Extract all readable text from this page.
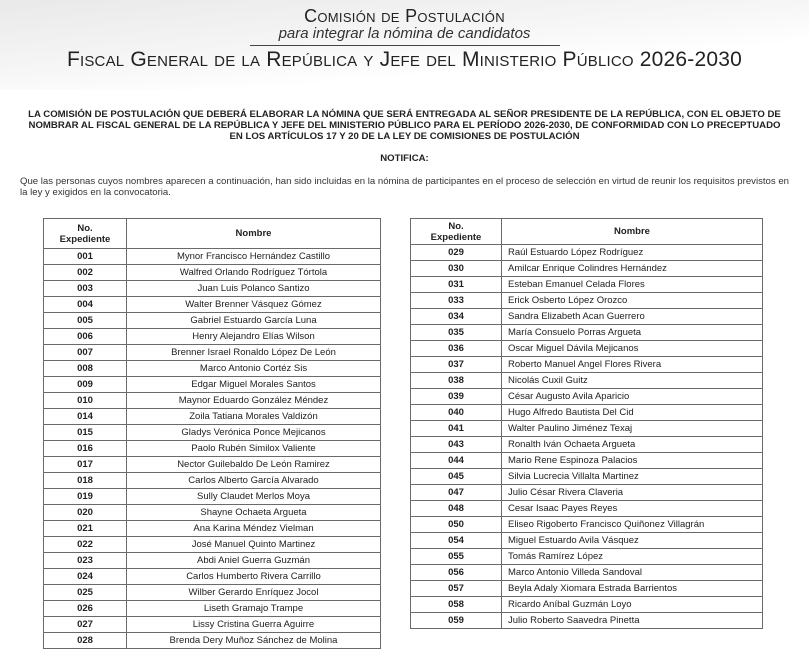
Comisión de Postulación
para integrar la nómina de candidatos
Fiscal General de la República y Jefe del Ministerio Público 2026-2030
LA COMISIÓN DE POSTULACIÓN QUE DEBERÁ ELABORAR LA NÓMINA QUE SERÁ ENTREGADA AL SEÑOR PRESIDENTE DE LA REPÚBLICA, CON EL OBJETO DE NOMBRAR AL FISCAL GENERAL DE LA REPÚBLICA Y JEFE DEL MINISTERIO PÚBLICO PARA EL PERÍODO 2026-2030, DE CONFORMIDAD CON LO PRECEPTUADO EN LOS ARTÍCULOS 17 Y 20 DE LA LEY DE COMISIONES DE POSTULACIÓN
NOTIFICA:
Que las personas cuyos nombres aparecen a continuación, han sido incluidas en la nómina de participantes en el proceso de selección en virtud de reunir los requisitos previstos en la ley y exigidos en la convocatoria.
No.
Expediente	Nombre
001	Mynor Francisco Hernández Castillo
002	Walfred Orlando Rodríguez Tórtola
003	Juan Luis Polanco Santizo
004	Walter Brenner Vásquez Gómez
005	Gabriel Estuardo García Luna
006	Henry Alejandro Elías Wilson
007	Brenner Israel Ronaldo López De León
008	Marco Antonio Cortéz Sis
009	Edgar Miguel Morales Santos
010	Maynor Eduardo González Méndez
014	Zoila Tatiana Morales Valdizón
015	Gladys Verónica Ponce Mejicanos
016	Paolo Rubén Similox Valiente
017	Nector Guilebaldo De León Ramirez
018	Carlos Alberto García Alvarado
019	Sully Claudet Merlos Moya
020	Shayne Ochaeta Argueta
021	Ana Karina Méndez Vielman
022	José Manuel Quinto Martinez
023	Abdi Aniel Guerra Guzmán
024	Carlos Humberto Rivera Carrillo
025	Wilber Gerardo Enríquez Jocol
026	Liseth Gramajo Trampe
027	Lissy Cristina Guerra Aguirre
028	Brenda Dery Muñoz Sánchez de Molina
No.
Expediente	Nombre
029	Raúl Estuardo López Rodríguez
030	Amilcar Enrique Colindres Hernández
031	Esteban Emanuel Celada Flores
033	Erick Osberto López Orozco
034	Sandra Elizabeth Acan Guerrero
035	María Consuelo Porras Argueta
036	Oscar Miguel Dávila Mejicanos
037	Roberto Manuel Angel Flores Rivera
038	Nicolás Cuxil Guitz
039	César Augusto Avila Aparicio
040	Hugo Alfredo Bautista Del Cid
041	Walter Paulino Jiménez Texaj
043	Ronalth Iván Ochaeta Argueta
044	Mario Rene Espinoza Palacios
045	Silvia Lucrecia Villalta Martinez
047	Julio César Rivera Claveria
048	Cesar Isaac Payes Reyes
050	Eliseo Rigoberto Francisco Quiñonez Villagrán
054	Miguel Estuardo Avila Vásquez
055	Tomás Ramírez López
056	Marco Antonio Villeda Sandoval
057	Beyla Adaly Xiomara Estrada Barrientos
058	Ricardo Aníbal Guzmán Loyo
059	Julio Roberto Saavedra Pinetta
